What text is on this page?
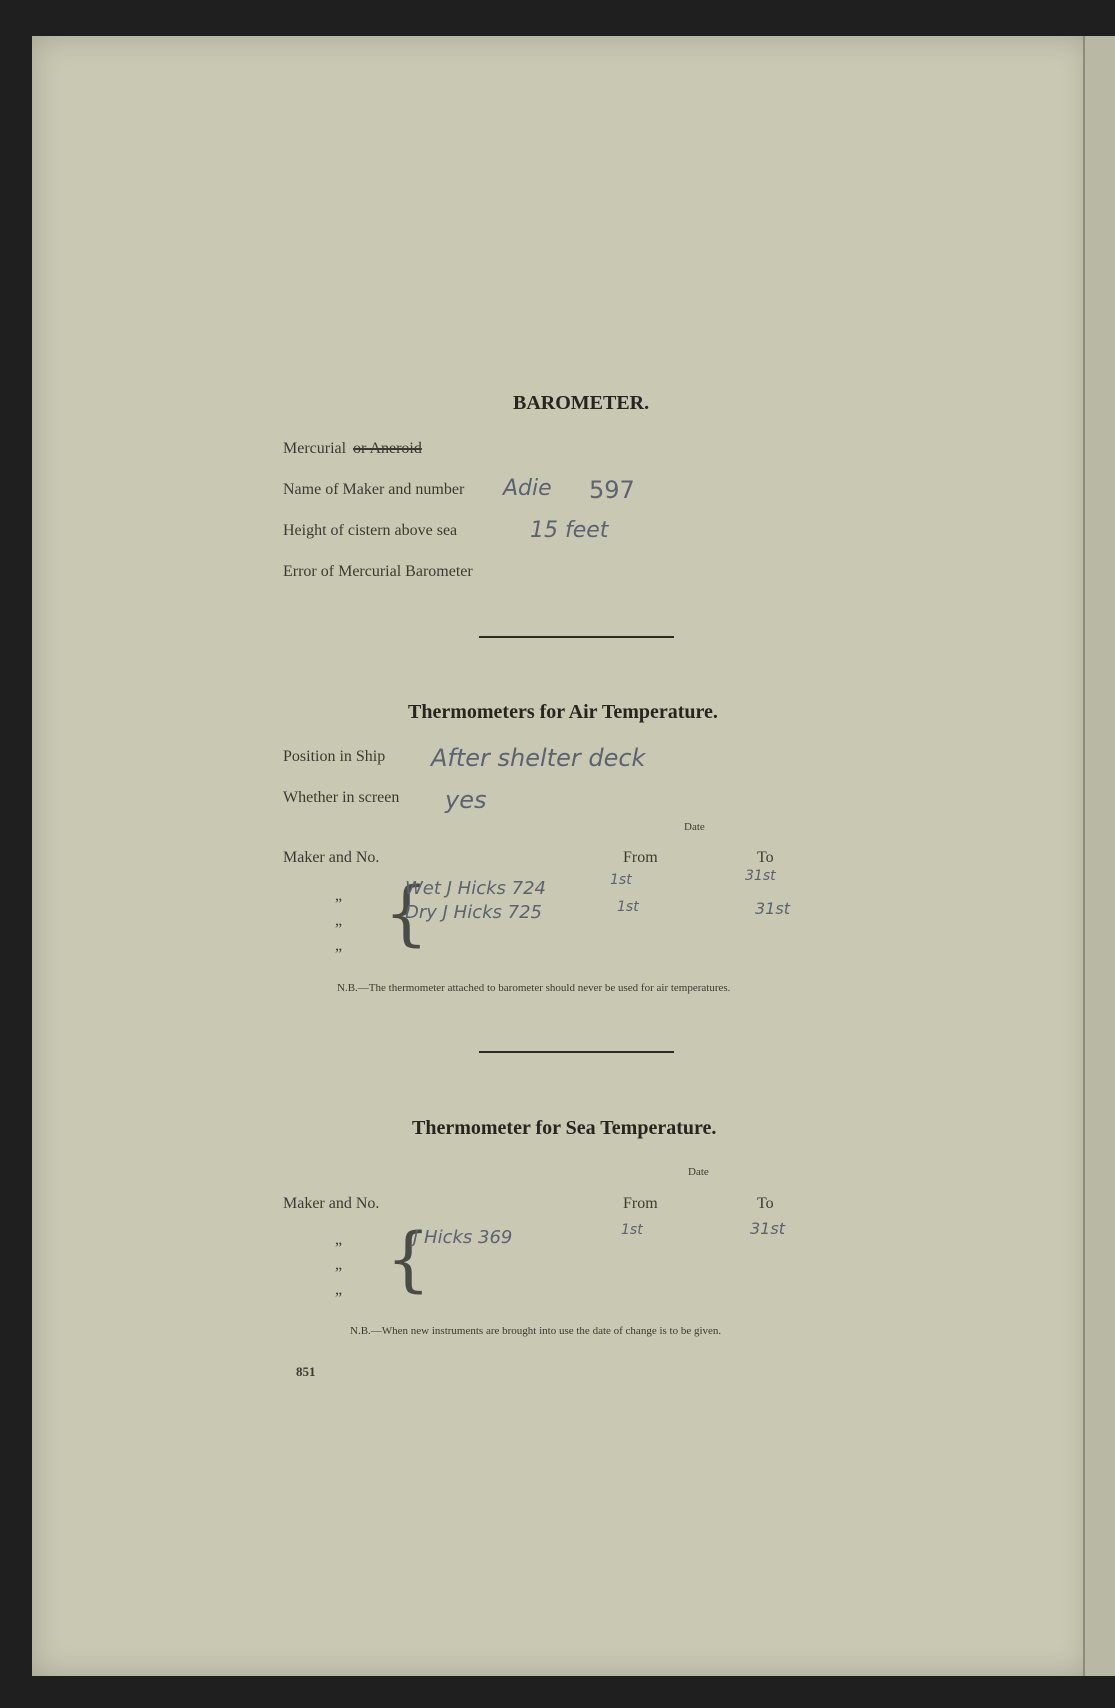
BAROMETER.
Mercurial or Aneroid
Name of Maker and number Adie 597
Height of cistern above sea	15 feet
Error of Mercurial Barometer
Thermometers for Air Temperature.
Position in Ship After shelter deck
Whether in screen yes
Date
Maker and No.	From	To
”
”
”
{
Wet J Hicks 724	1st	31st
Dry J Hicks 725	1st	31st
N.B.—The thermometer attached to barometer should never be used for air temperatures.
Thermometer for Sea Temperature.
Date
Maker and No.	From	To
”
”
” {
J Hicks 369	1st	31st
N.B.—When new instruments are brought into use the date of change is to be given.
851
